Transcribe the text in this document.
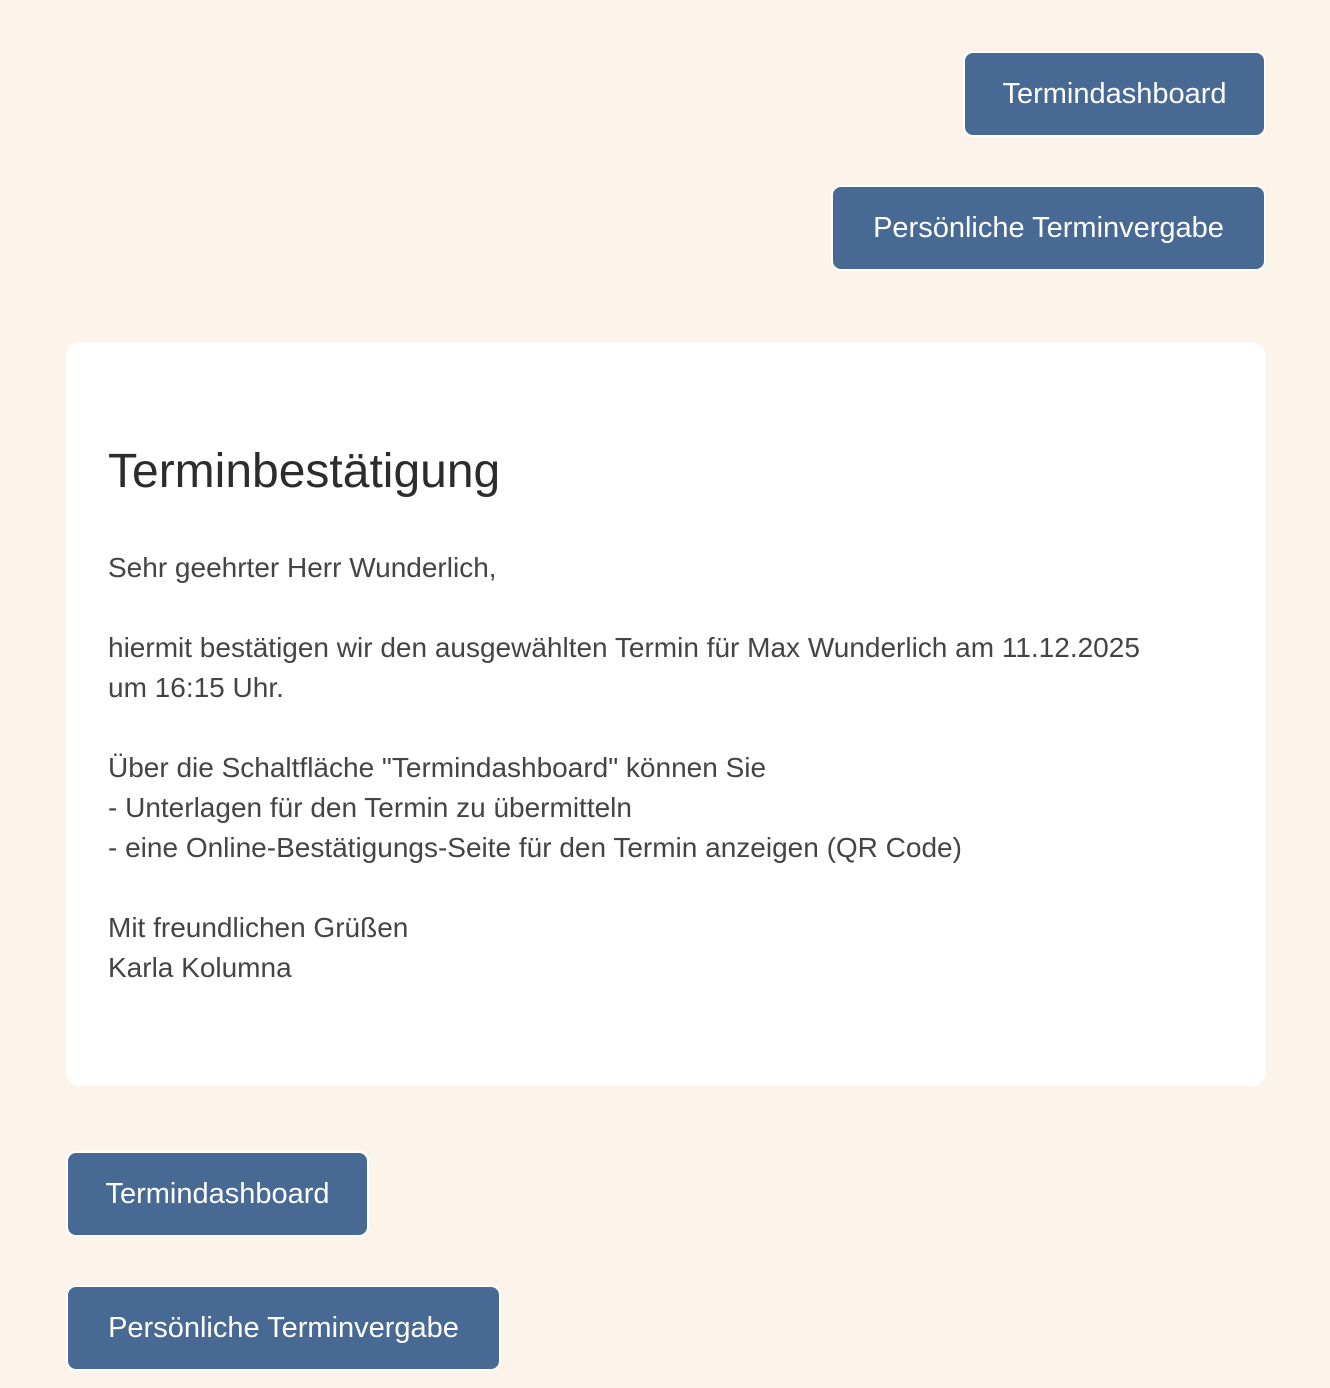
Termindashboard
Persönliche Terminvergabe
Terminbestätigung

Sehr geehrter Herr Wunderlich,

hiermit bestätigen wir den ausgewählten Termin für Max Wunderlich am 11.12.2025
um 16:15 Uhr.

Über die Schaltfläche "Termindashboard" können Sie
- Unterlagen für den Termin zu übermitteln
- eine Online-Bestätigungs-Seite für den Termin anzeigen (QR Code)

Mit freundlichen Grüßen
Karla Kolumna

Termindashboard
Persönliche Terminvergabe
